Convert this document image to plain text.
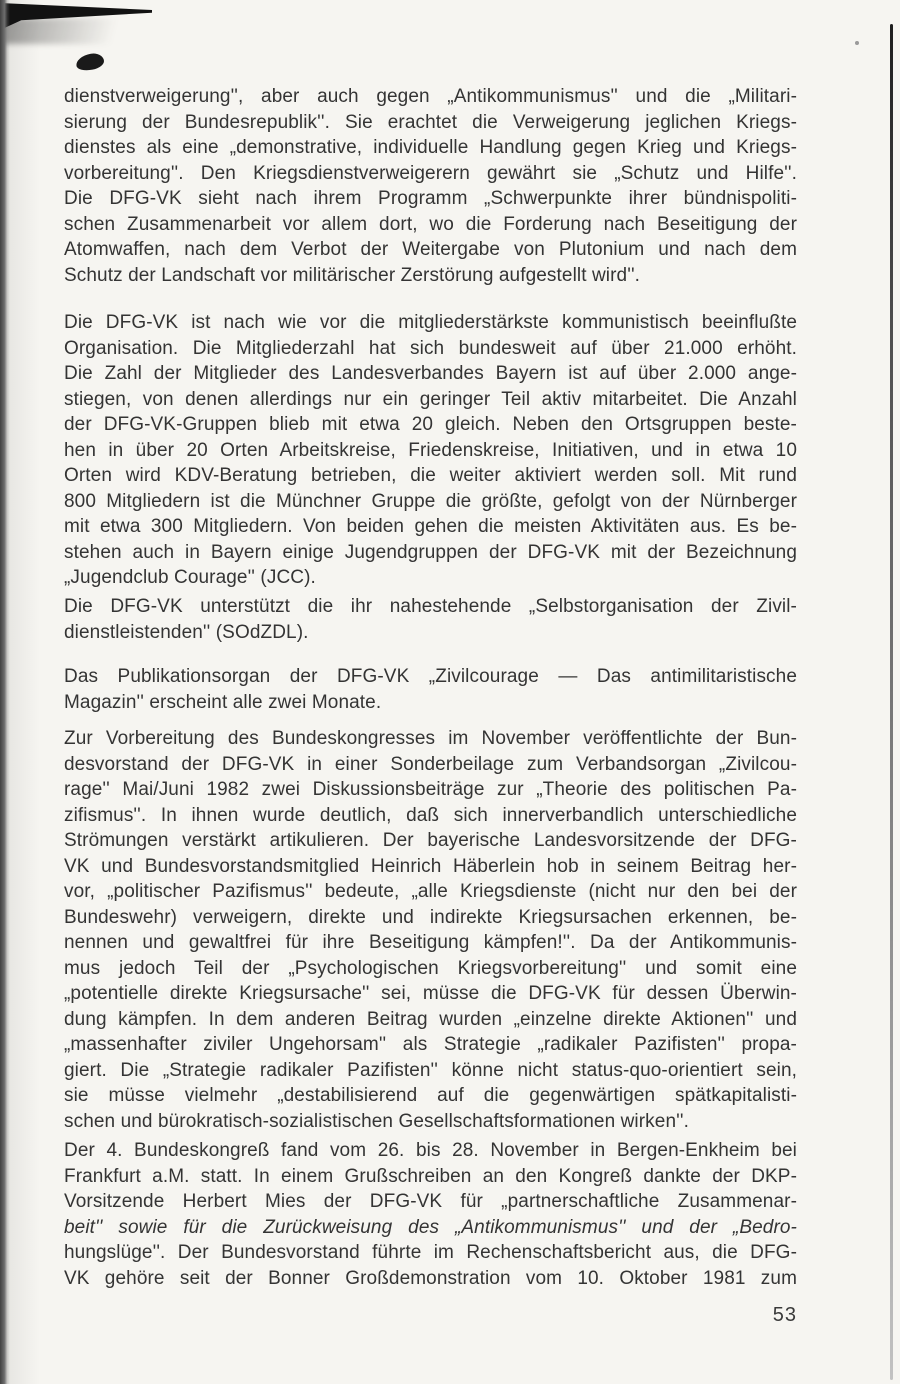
dienstverweigerung'', aber auch gegen „Antikommunismus'' und die „Militari-
sierung der Bundesrepublik''. Sie erachtet die Verweigerung jeglichen Kriegs-
dienstes als eine „demonstrative, individuelle Handlung gegen Krieg und Kriegs-
vorbereitung''. Den Kriegsdienstverweigerern gewährt sie „Schutz und Hilfe''.
Die DFG-VK sieht nach ihrem Programm „Schwerpunkte ihrer bündnispoliti-
schen Zusammenarbeit vor allem dort, wo die Forderung nach Beseitigung der
Atomwaffen, nach dem Verbot der Weitergabe von Plutonium und nach dem
Schutz der Landschaft vor militärischer Zerstörung aufgestellt wird''.
Die DFG-VK ist nach wie vor die mitgliederstärkste kommunistisch beeinflußte
Organisation. Die Mitgliederzahl hat sich bundesweit auf über 21.000 erhöht.
Die Zahl der Mitglieder des Landesverbandes Bayern ist auf über 2.000 ange-
stiegen, von denen allerdings nur ein geringer Teil aktiv mitarbeitet. Die Anzahl
der DFG-VK-Gruppen blieb mit etwa 20 gleich. Neben den Ortsgruppen beste-
hen in über 20 Orten Arbeitskreise, Friedenskreise, Initiativen, und in etwa 10
Orten wird KDV-Beratung betrieben, die weiter aktiviert werden soll. Mit rund
800 Mitgliedern ist die Münchner Gruppe die größte, gefolgt von der Nürnberger
mit etwa 300 Mitgliedern. Von beiden gehen die meisten Aktivitäten aus. Es be-
stehen auch in Bayern einige Jugendgruppen der DFG-VK mit der Bezeichnung
„Jugendclub Courage'' (JCC).
Die DFG-VK unterstützt die ihr nahestehende „Selbstorganisation der Zivil-
dienstleistenden'' (SOdZDL).
Das Publikationsorgan der DFG-VK „Zivilcourage — Das antimilitaristische
Magazin'' erscheint alle zwei Monate.
Zur Vorbereitung des Bundeskongresses im November veröffentlichte der Bun-
desvorstand der DFG-VK in einer Sonderbeilage zum Verbandsorgan „Zivilcou-
rage'' Mai/Juni 1982 zwei Diskussionsbeiträge zur „Theorie des politischen Pa-
zifismus''. In ihnen wurde deutlich, daß sich innerverbandlich unterschiedliche
Strömungen verstärkt artikulieren. Der bayerische Landesvorsitzende der DFG-
VK und Bundesvorstandsmitglied Heinrich Häberlein hob in seinem Beitrag her-
vor, „politischer Pazifismus'' bedeute, „alle Kriegsdienste (nicht nur den bei der
Bundeswehr) verweigern, direkte und indirekte Kriegsursachen erkennen, be-
nennen und gewaltfrei für ihre Beseitigung kämpfen!''. Da der Antikommunis-
mus jedoch Teil der „Psychologischen Kriegsvorbereitung'' und somit eine
„potentielle direkte Kriegsursache'' sei, müsse die DFG-VK für dessen Überwin-
dung kämpfen. In dem anderen Beitrag wurden „einzelne direkte Aktionen'' und
„massenhafter ziviler Ungehorsam'' als Strategie „radikaler Pazifisten'' propa-
giert. Die „Strategie radikaler Pazifisten'' könne nicht status-quo-orientiert sein,
sie müsse vielmehr „destabilisierend auf die gegenwärtigen spätkapitalisti-
schen und bürokratisch-sozialistischen Gesellschaftsformationen wirken''.
Der 4. Bundeskongreß fand vom 26. bis 28. November in Bergen-Enkheim bei
Frankfurt a.M. statt. In einem Grußschreiben an den Kongreß dankte der DKP-
Vorsitzende Herbert Mies der DFG-VK für „partnerschaftliche Zusammenar-
beit'' sowie für die Zurückweisung des „Antikommunismus'' und der „Bedro-
hungslüge''. Der Bundesvorstand führte im Rechenschaftsbericht aus, die DFG-
VK gehöre seit der Bonner Großdemonstration vom 10. Oktober 1981 zum
53
